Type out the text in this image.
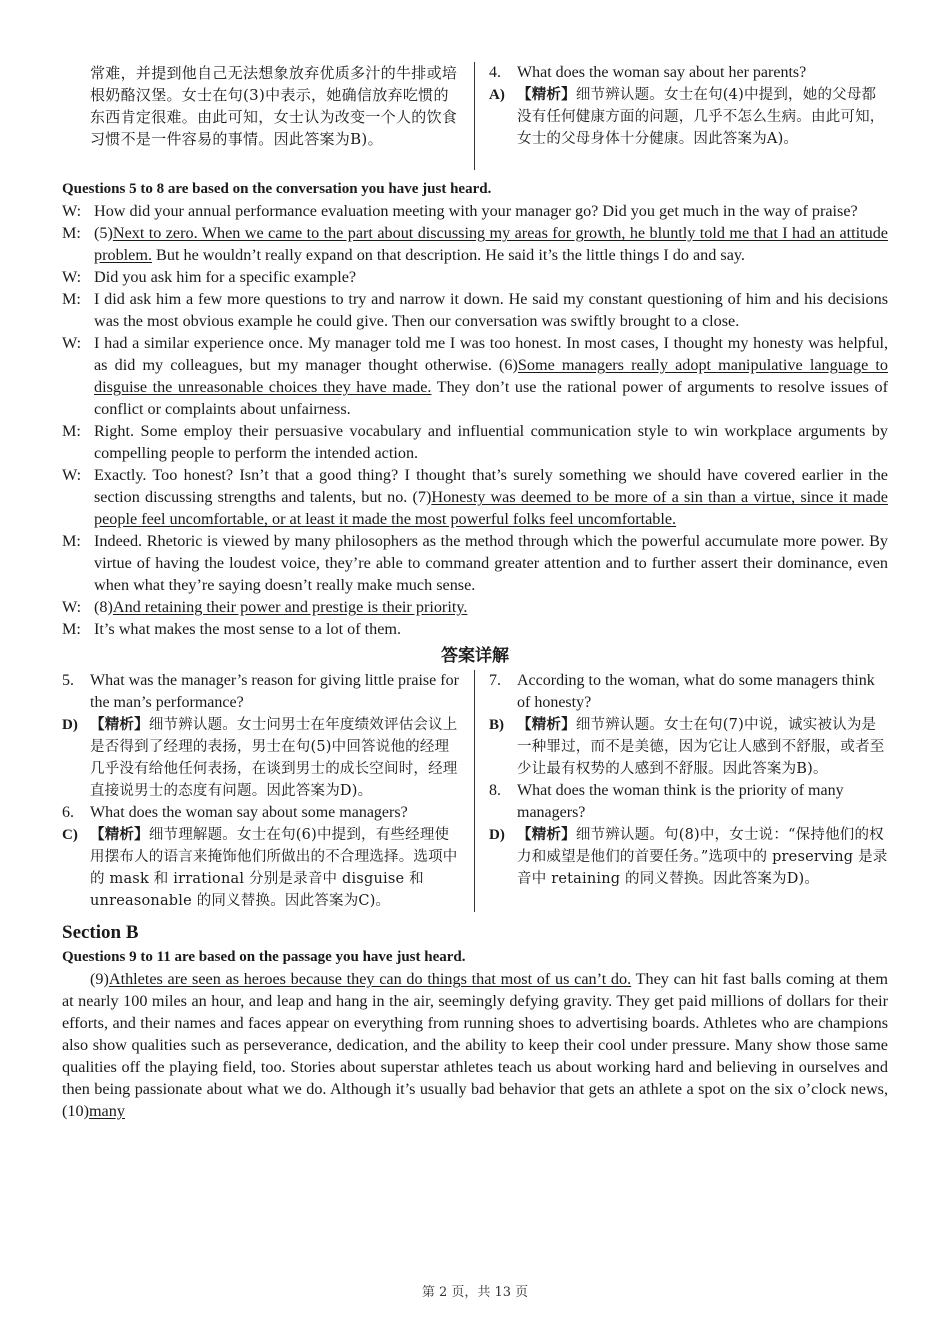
常难，并提到他自己无法想象放弃优质多汁的牛排或培根奶酪汉堡。女士在句(3)中表示，她确信放弃吃惯的东西肯定很难。由此可知，女士认为改变一个人的饮食习惯不是一件容易的事情。因此答案为B)。
4.	What does the woman say about her parents?
A) 【精析】细节辨认题。女士在句(4)中提到，她的父母都没有任何健康方面的问题，几乎不怎么生病。由此可知，女士的父母身体十分健康。因此答案为A)。
Questions 5 to 8 are based on the conversation you have just heard.
W: How did your annual performance evaluation meeting with your manager go? Did you get much in the way of praise?
M: (5)Next to zero. When we came to the part about discussing my areas for growth, he bluntly told me that I had an attitude problem. But he wouldn’t really expand on that description. He said it’s the little things I do and say.
W: Did you ask him for a specific example?
M: I did ask him a few more questions to try and narrow it down. He said my constant questioning of him and his decisions was the most obvious example he could give. Then our conversation was swiftly brought to a close.
W: I had a similar experience once. My manager told me I was too honest. In most cases, I thought my honesty was helpful, as did my colleagues, but my manager thought otherwise. (6)Some managers really adopt manipulative language to disguise the unreasonable choices they have made. They don’t use the rational power of arguments to resolve issues of conflict or complaints about unfairness.
M: Right. Some employ their persuasive vocabulary and influential communication style to win workplace arguments by compelling people to perform the intended action.
W: Exactly. Too honest? Isn’t that a good thing? I thought that’s surely something we should have covered earlier in the section discussing strengths and talents, but no. (7)Honesty was deemed to be more of a sin than a virtue, since it made people feel uncomfortable, or at least it made the most powerful folks feel uncomfortable.
M: Indeed. Rhetoric is viewed by many philosophers as the method through which the powerful accumulate more power. By virtue of having the loudest voice, they’re able to command greater attention and to further assert their dominance, even when what they’re saying doesn’t really make much sense.
W: (8)And retaining their power and prestige is their priority.
M: It’s what makes the most sense to a lot of them.
答案详解
5.	What was the manager’s reason for giving little praise for the man’s performance?
D) 【精析】细节辨认题。女士问男士在年度绩效评估会议上是否得到了经理的表扬，男士在句(5)中回答说他的经理几乎没有给他任何表扬，在谈到男士的成长空间时，经理直接说男士的态度有问题。因此答案为D)。
6.	What does the woman say about some managers?
C) 【精析】细节理解题。女士在句(6)中提到，有些经理使用摆布人的语言来掩饰他们所做出的不合理选择。选项中的 mask 和 irrational 分别是录音中 disguise 和 unreasonable 的同义替换。因此答案为C)。
7.	According to the woman, what do some managers think of honesty?
B) 【精析】细节辨认题。女士在句(7)中说，诚实被认为是一种罪过，而不是美德，因为它让人感到不舒服，或者至少让最有权势的人感到不舒服。因此答案为B)。
8.	What does the woman think is the priority of many managers?
D) 【精析】细节辨认题。句(8)中，女士说：“保持他们的权力和威望是他们的首要任务。”选项中的 preserving 是录音中 retaining 的同义替换。因此答案为D)。
Section B
Questions 9 to 11 are based on the passage you have just heard.
(9)Athletes are seen as heroes because they can do things that most of us can’t do. They can hit fast balls coming at them at nearly 100 miles an hour, and leap and hang in the air, seemingly defying gravity. They get paid millions of dollars for their efforts, and their names and faces appear on everything from running shoes to advertising boards. Athletes who are champions also show qualities such as perseverance, dedication, and the ability to keep their cool under pressure. Many show those same qualities off the playing field, too. Stories about superstar athletes teach us about working hard and believing in ourselves and then being passionate about what we do. Although it’s usually bad behavior that gets an athlete a spot on the six o’clock news, (10)many
第 2 页，共 13 页
